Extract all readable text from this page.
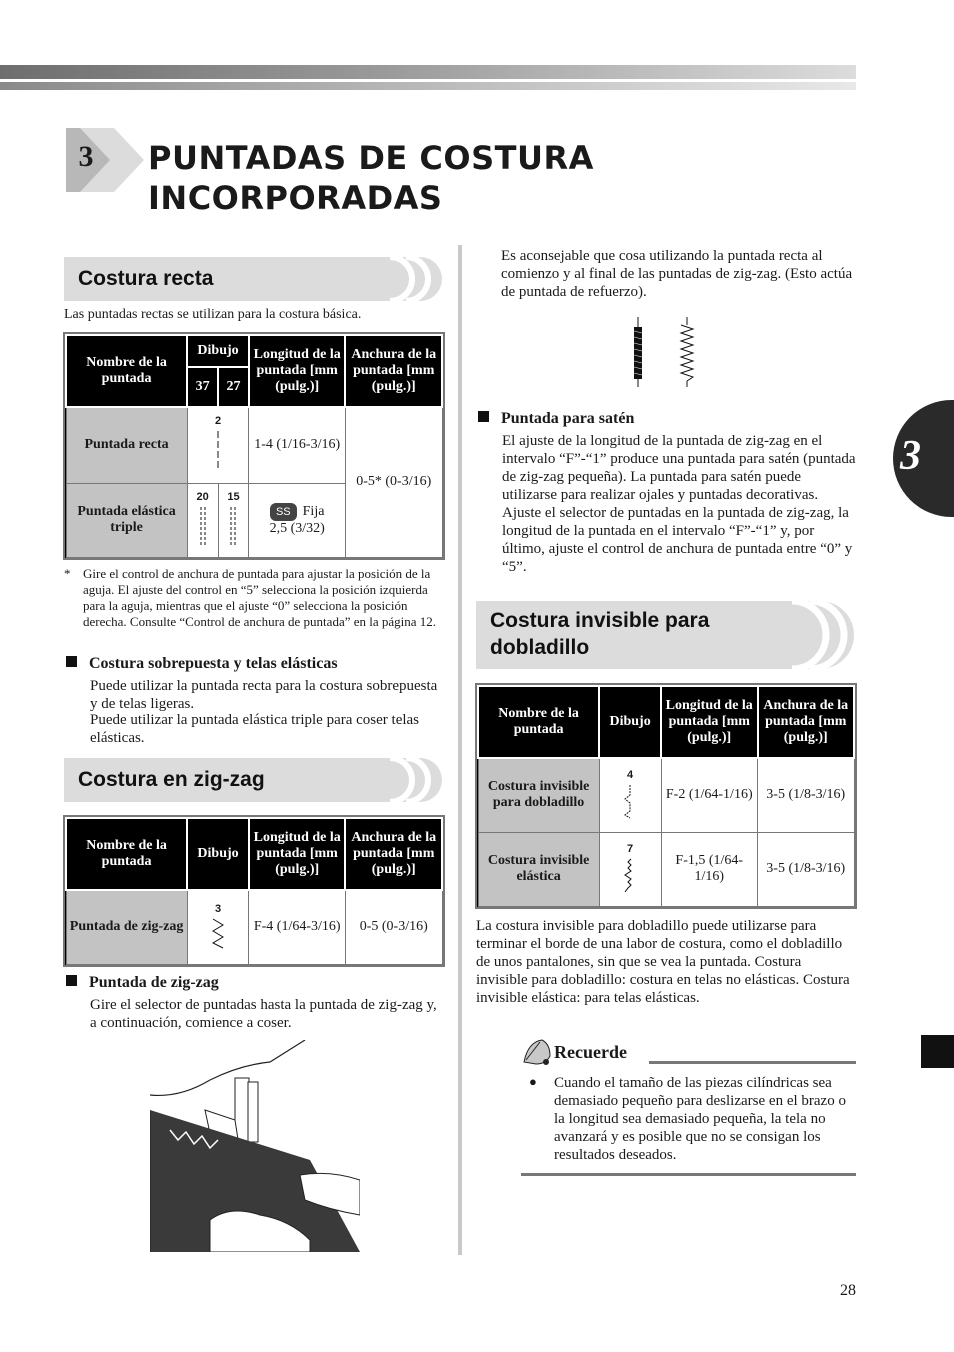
3 PUNTADAS DE COSTURA
INCORPORADAS
Costura recta
Las puntadas rectas se utilizan para la costura básica.
Nombre de la puntada	Dibujo		Longitud de la puntada [mm (pulg.)]	Anchura de la puntada [mm (pulg.)]
	37	27		
Puntada recta	2		1-4 (1/16-3/16)	0-5* (0-3/16)
Puntada elástica triple	20	15	SS Fija
2,5 (3/32)	
* Gire el control de anchura de puntada para ajustar la posición de la aguja. El ajuste del control en “5” selecciona la posición izquierda para la aguja, mientras que el ajuste “0” selecciona la posición derecha. Consulte “Control de anchura de puntada” en la página 12.
Costura sobrepuesta y telas elásticas
Puede utilizar la puntada recta para la costura sobrepuesta y de telas ligeras.
Puede utilizar la puntada elástica triple para coser telas elásticas.
Costura en zig-zag
Nombre de la puntada	Dibujo	Longitud de la puntada [mm (pulg.)]	Anchura de la puntada [mm (pulg.)]
Puntada de zig-zag	3	F-4 (1/64-3/16)	0-5 (0-3/16)
Puntada de zig-zag
Gire el selector de puntadas hasta la puntada de zig-zag y, a continuación, comience a coser.
Es aconsejable que cosa utilizando la puntada recta al comienzo y al final de las puntadas de zig-zag. (Esto actúa de puntada de refuerzo).
Puntada para satén
El ajuste de la longitud de la puntada de zig-zag en el intervalo “F”-“1” produce una puntada para satén (puntada de zig-zag pequeña). La puntada para satén puede utilizarse para realizar ojales y puntadas decorativas. Ajuste el selector de puntadas en la puntada de zig-zag, la longitud de la puntada en el intervalo “F”-“1” y, por último, ajuste el control de anchura de puntada entre “0” y “5”.
Costura invisible para
dobladillo
Nombre de la puntada	Dibujo	Longitud de la puntada [mm (pulg.)]	Anchura de la puntada [mm (pulg.)]
Costura invisible para dobladillo	4	F-2 (1/64-1/16)	3-5 (1/8-3/16)
Costura invisible elástica	7	F-1,5 (1/64-1/16)	3-5 (1/8-3/16)
La costura invisible para dobladillo puede utilizarse para terminar el borde de una labor de costura, como el dobladillo de unos pantalones, sin que se vea la puntada. Costura invisible para dobladillo: costura en telas no elásticas. Costura invisible elástica: para telas elásticas.
Recuerde
● Cuando el tamaño de las piezas cilíndricas sea demasiado pequeño para deslizarse en el brazo o la longitud sea demasiado pequeña, la tela no avanzará y es posible que no se consigan los resultados deseados.
3
28
